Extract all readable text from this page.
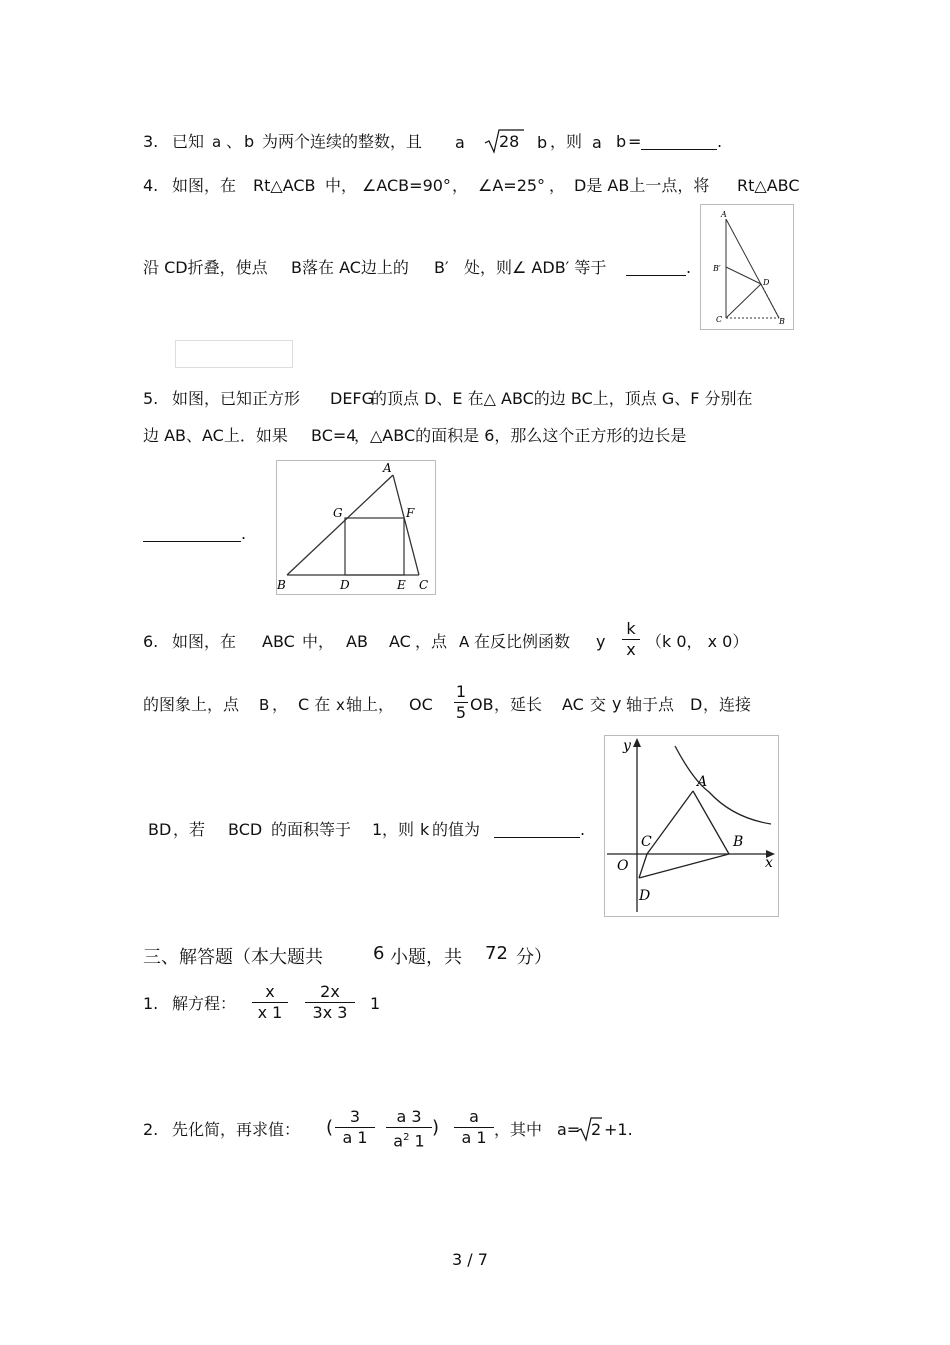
3. 已知 a 、 b 为两个连续的整数，且 a 28 b ，则 a b =	.
4. 如图，在 Rt△ACB 中， ∠ACB=90° ， ∠A=25° ， D是 AB上一点，将 Rt△ABC
沿 CD折叠，使点 B落在 AC边上的 B′ 处，则∠ ADB′ 等于	.
A
B′
D
C	B
5. 如图，已知正方形 DEFG
的顶点 D、E 在△ ABC的边 BC上，顶点 G、F 分别在
边 AB、AC上．如果 BC=4
，△ABC的面积是 6，那么这个正方形的边长是
.
A
G	F
B	D	E C
6. 如图，在 ABC 中， AB AC ，点 A 在反比例函数 y
k
x （k 0， x 0）
的图象上，点 B ， C 在 x 轴上， OC
1
5 OB ，延长 AC 交 y 轴于点 D ，连接
BD ，若 BCD 的面积等于 1 ，则 k 的值为	.
y
x
A
C	B
O
D
三、解答题（本大题共	6 小题，共 72 分）
1. 解方程：
x
x 1
2x
3x 3	1
2. 先化简，再求值： (
3
a 1
a 3
$a^2$ 1
)
a
a 1 ，其中 a= 2 +1.
3 / 7
